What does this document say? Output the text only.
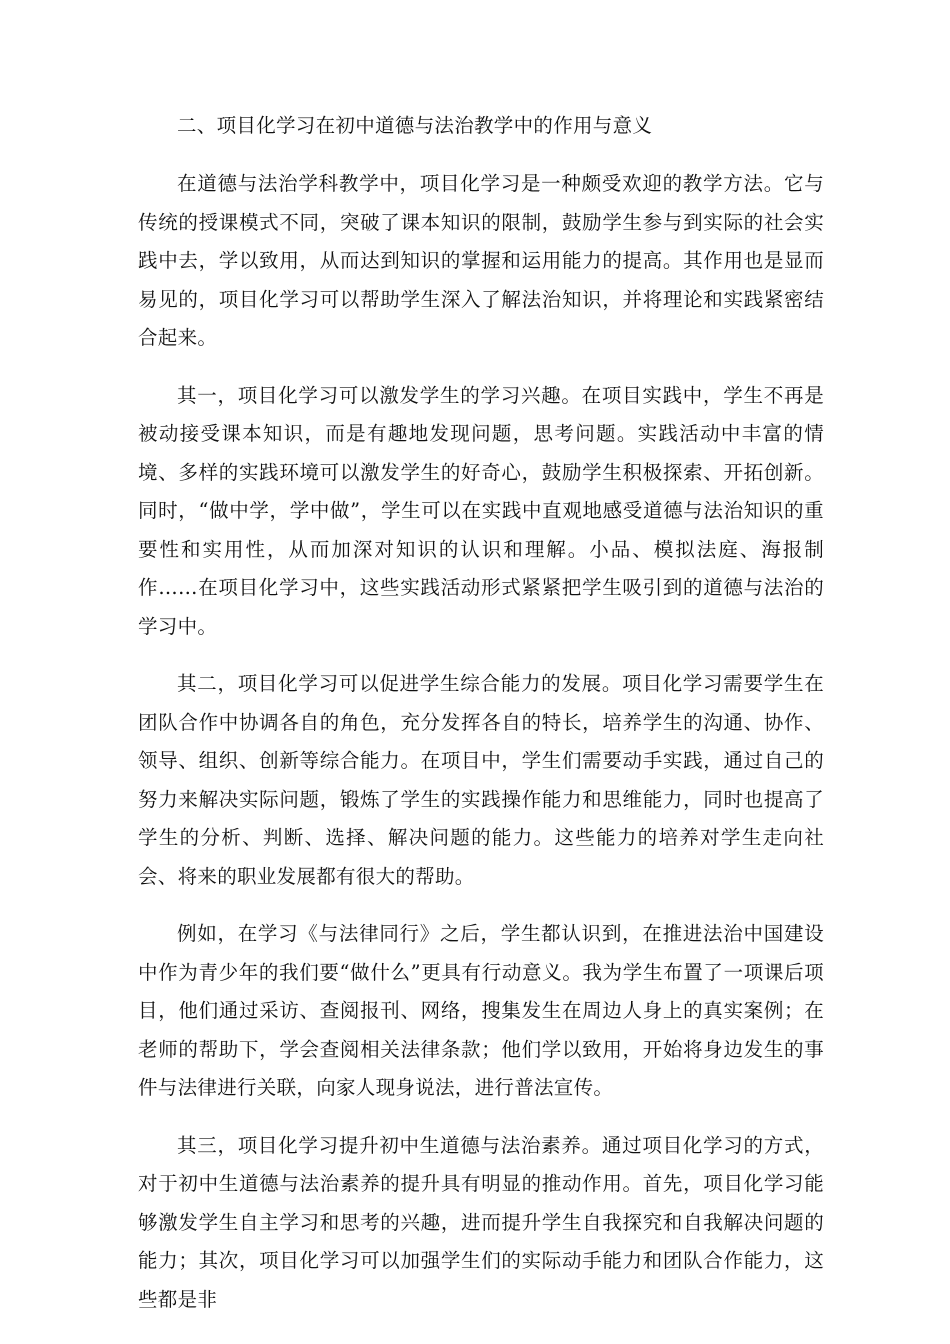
二、项目化学习在初中道德与法治教学中的作用与意义

在道德与法治学科教学中，项目化学习是一种颇受欢迎的教学方法。它与传统的授课模式不同，突破了课本知识的限制，鼓励学生参与到实际的社会实践中去，学以致用，从而达到知识的掌握和运用能力的提高。其作用也是显而易见的，项目化学习可以帮助学生深入了解法治知识，并将理论和实践紧密结合起来。

其一，项目化学习可以激发学生的学习兴趣。在项目实践中，学生不再是被动接受课本知识，而是有趣地发现问题，思考问题。实践活动中丰富的情境、多样的实践环境可以激发学生的好奇心，鼓励学生积极探索、开拓创新。同时，“做中学，学中做”，学生可以在实践中直观地感受道德与法治知识的重要性和实用性，从而加深对知识的认识和理解。小品、模拟法庭、海报制作……在项目化学习中，这些实践活动形式紧紧把学生吸引到的道德与法治的学习中。

其二，项目化学习可以促进学生综合能力的发展。项目化学习需要学生在团队合作中协调各自的角色，充分发挥各自的特长，培养学生的沟通、协作、领导、组织、创新等综合能力。在项目中，学生们需要动手实践，通过自己的努力来解决实际问题，锻炼了学生的实践操作能力和思维能力，同时也提高了学生的分析、判断、选择、解决问题的能力。这些能力的培养对学生走向社会、将来的职业发展都有很大的帮助。

例如，在学习《与法律同行》之后，学生都认识到，在推进法治中国建设中作为青少年的我们要“做什么”更具有行动意义。我为学生布置了一项课后项目，他们通过采访、查阅报刊、网络，搜集发生在周边人身上的真实案例；在老师的帮助下，学会查阅相关法律条款；他们学以致用，开始将身边发生的事件与法律进行关联，向家人现身说法，进行普法宣传。

其三，项目化学习提升初中生道德与法治素养。通过项目化学习的方式，对于初中生道德与法治素养的提升具有明显的推动作用。首先，项目化学习能够激发学生自主学习和思考的兴趣，进而提升学生自我探究和自我解决问题的能力；其次，项目化学习可以加强学生们的实际动手能力和团队合作能力，这些都是非
